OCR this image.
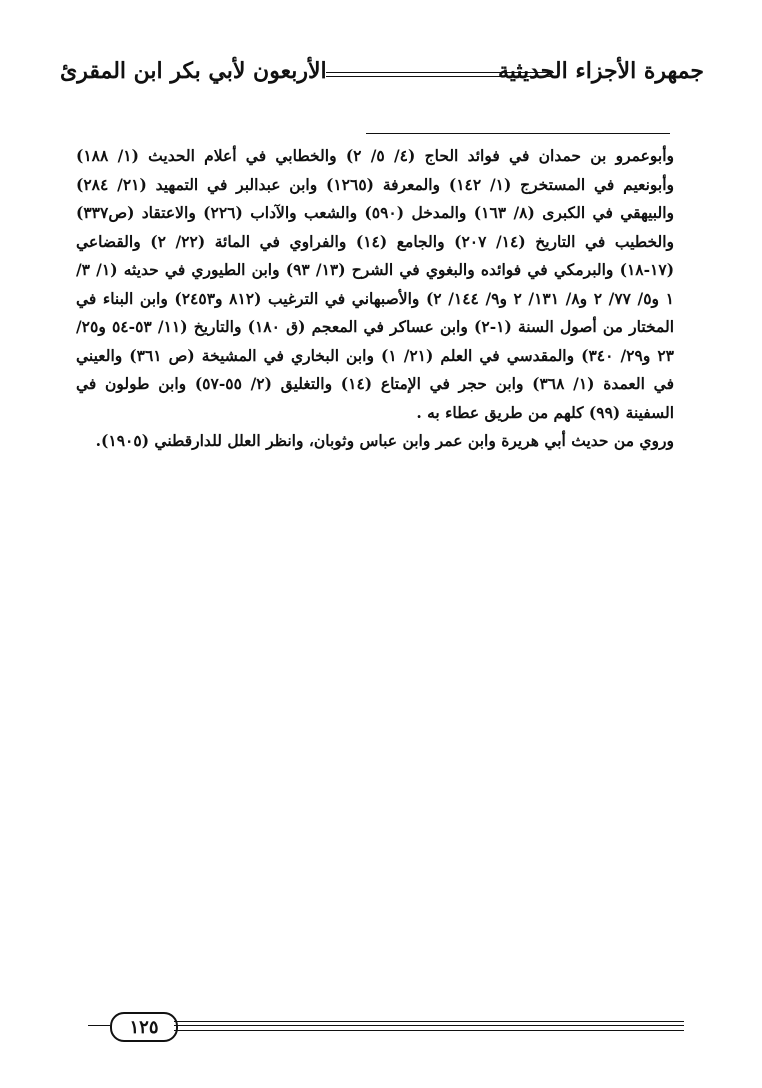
جمهرة الأجزاء الحديثية
الأربعون لأبي بكر ابن المقرئ

وأبوعمرو بن حمدان في فوائد الحاج (٤/ ٥/ ٢) والخطابي في أعلام الحديث (١/ ١٨٨) وأبونعيم في المستخرج (١/ ١٤٢) والمعرفة (١٢٦٥) وابن عبدالبر في التمهيد (٢١/ ٢٨٤) والبيهقي في الكبرى (٨/ ١٦٣) والمدخل (٥٩٠) والشعب والآداب (٢٢٦) والاعتقاد (ص٣٣٧) والخطيب في التاريخ (١٤/ ٢٠٧) والجامع (١٤) والفراوي في المائة (٢٢/ ٢) والقضاعي (١٧-١٨) والبرمكي في فوائده والبغوي في الشرح (١٣/ ٩٣) وابن الطيوري في حديثه (١/ ٣/ ١ و٥/ ٧٧/ ٢ و٨/ ١٣١/ ٢ و٩/ ١٤٤/ ٢) والأصبهاني في الترغيب (٨١٢ و٢٤٥٣) وابن البناء في المختار من أصول السنة (١-٢) وابن عساكر في المعجم (ق ١٨٠) والتاريخ (١١/ ٥٣-٥٤ و٢٥/ ٢٣ و٢٩/ ٣٤٠) والمقدسي في العلم (٢١/ ١) وابن البخاري في المشيخة (ص ٣٦١) والعيني في العمدة (١/ ٣٦٨) وابن حجر في الإمتاع (١٤) والتغليق (٢/ ٥٥-٥٧) وابن طولون في السفينة (٩٩) كلهم من طريق عطاء به .

وروي من حديث أبي هريرة وابن عمر وابن عباس وثوبان، وانظر العلل للدارقطني (١٩٠٥).

١٢٥
